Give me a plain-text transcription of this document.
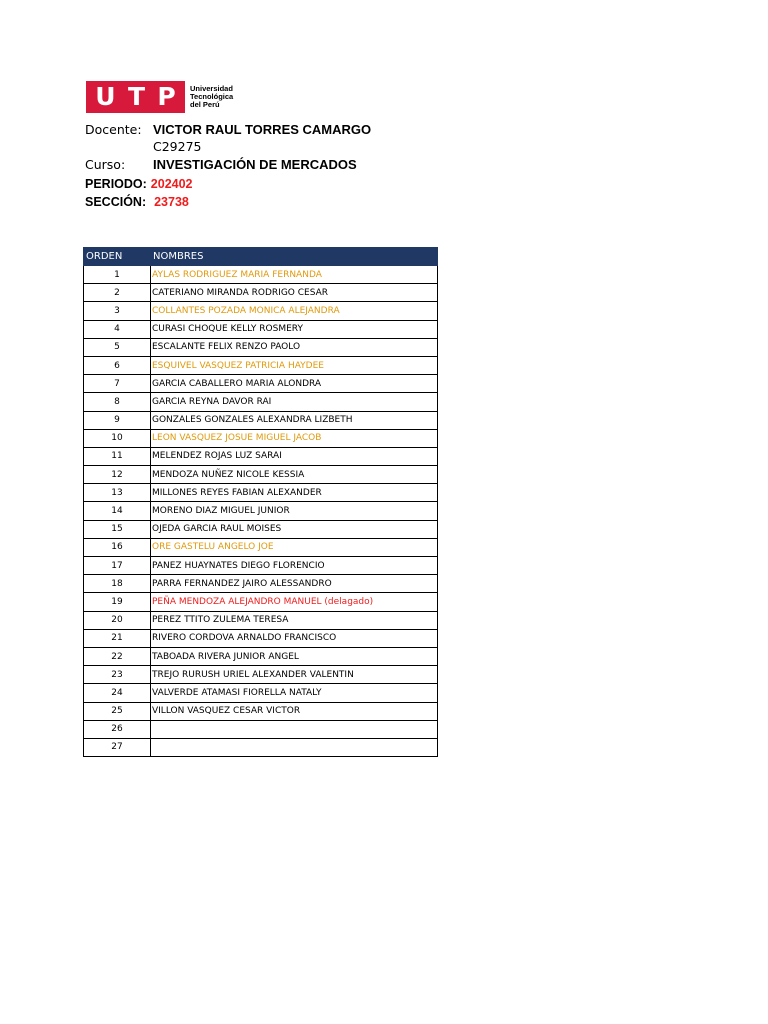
U T P Universidad
Tecnológica
del Perú
Docente: VICTOR RAUL TORRES CAMARGO
C29275
Curso: INVESTIGACIÓN DE MERCADOS
PERIODO: 202402
SECCIÓN: 23738
ORDEN	NOMBRES
1	AYLAS RODRIGUEZ MARIA FERNANDA
2	CATERIANO MIRANDA RODRIGO CESAR
3	COLLANTES POZADA MONICA ALEJANDRA
4	CURASI CHOQUE KELLY ROSMERY
5	ESCALANTE FELIX RENZO PAOLO
6	ESQUIVEL VASQUEZ PATRICIA HAYDEE
7	GARCIA CABALLERO MARIA ALONDRA
8	GARCIA REYNA DAVOR RAI
9	GONZALES GONZALES ALEXANDRA LIZBETH
10	LEON VASQUEZ JOSUE MIGUEL JACOB
11	MELENDEZ ROJAS LUZ SARAI
12	MENDOZA NUÑEZ NICOLE KESSIA
13	MILLONES REYES FABIAN ALEXANDER
14	MORENO DIAZ MIGUEL JUNIOR
15	OJEDA GARCIA RAUL MOISES
16	ORE GASTELU ANGELO JOE
17	PANEZ HUAYNATES DIEGO FLORENCIO
18	PARRA FERNANDEZ JAIRO ALESSANDRO
19	PEÑA MENDOZA ALEJANDRO MANUEL (delagado)
20	PEREZ TTITO ZULEMA TERESA
21	RIVERO CORDOVA ARNALDO FRANCISCO
22	TABOADA RIVERA JUNIOR ANGEL
23	TREJO RURUSH URIEL ALEXANDER VALENTIN
24	VALVERDE ATAMASI FIORELLA NATALY
25	VILLON VASQUEZ CESAR VICTOR
26	
27	
